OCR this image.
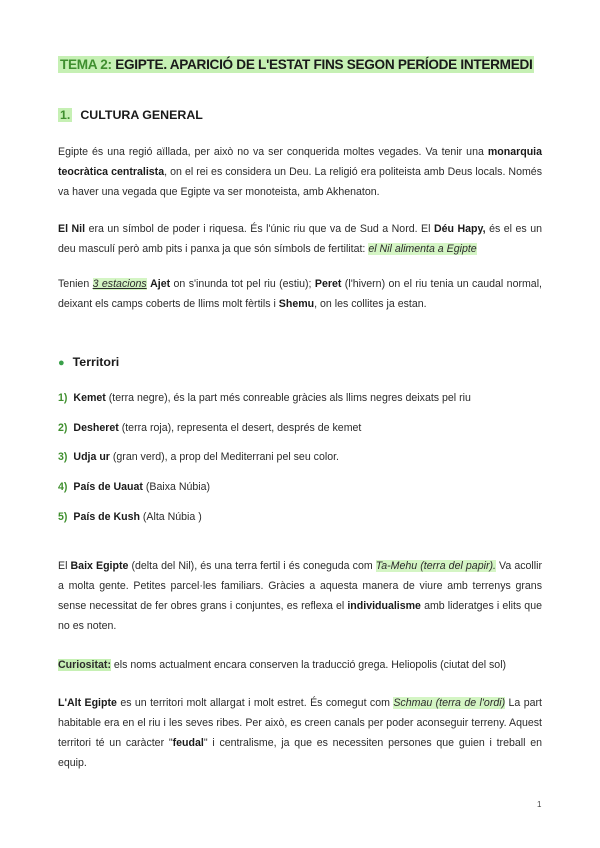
TEMA 2: EGIPTE. APARICIÓ DE L'ESTAT FINS SEGON PERÍODE INTERMEDI
1. CULTURA GENERAL

Egipte és una regió aïllada, per això no va ser conquerida moltes vegades. Va tenir una monarquia teocràtica centralista, on el rei es considera un Deu. La religió era politeista amb Deus locals. Només va haver una vegada que Egipte va ser monoteista, amb Akhenaton.

El Nil era un símbol de poder i riquesa. És l'únic riu que va de Sud a Nord. El Déu Hapy, és el es un deu masculí però amb pits i panxa ja que són símbols de fertilitat: el Nil alimenta a Egipte

Tenien 3 estacions Ajet on s'inunda tot pel riu (estiu); Peret (l'hivern) on el riu tenia un caudal normal, deixant els camps coberts de llims molt fèrtils i Shemu, on les collites ja estan.

● Territori
1) Kemet (terra negre), és la part més conreable gràcies als llims negres deixats pel riu
2) Desheret (terra roja), representa el desert, després de kemet
3) Udja ur (gran verd), a prop del Mediterrani pel seu color.
4) País de Uauat (Baixa Núbia)
5) País de Kush (Alta Núbia )

El Baix Egipte (delta del Nil), és una terra fertil i és coneguda com Ta-Mehu (terra del papir). Va acollir a molta gente. Petites parcel·les familiars. Gràcies a aquesta manera de viure amb terrenys grans sense necessitat de fer obres grans i conjuntes, es reflexa el individualisme amb lideratges i elits que no es noten.

Curiositat: els noms actualment encara conserven la traducció grega. Heliopolis (ciutat del sol)

L'Alt Egipte es un territori molt allargat i molt estret. És comegut com Schmau (terra de l'ordi) La part habitable era en el riu i les seves ribes. Per això, es creen canals per poder aconseguir terreny. Aquest territori té un caràcter "feudal" i centralisme, ja que es necessiten persones que guien i treball en equip.

1
